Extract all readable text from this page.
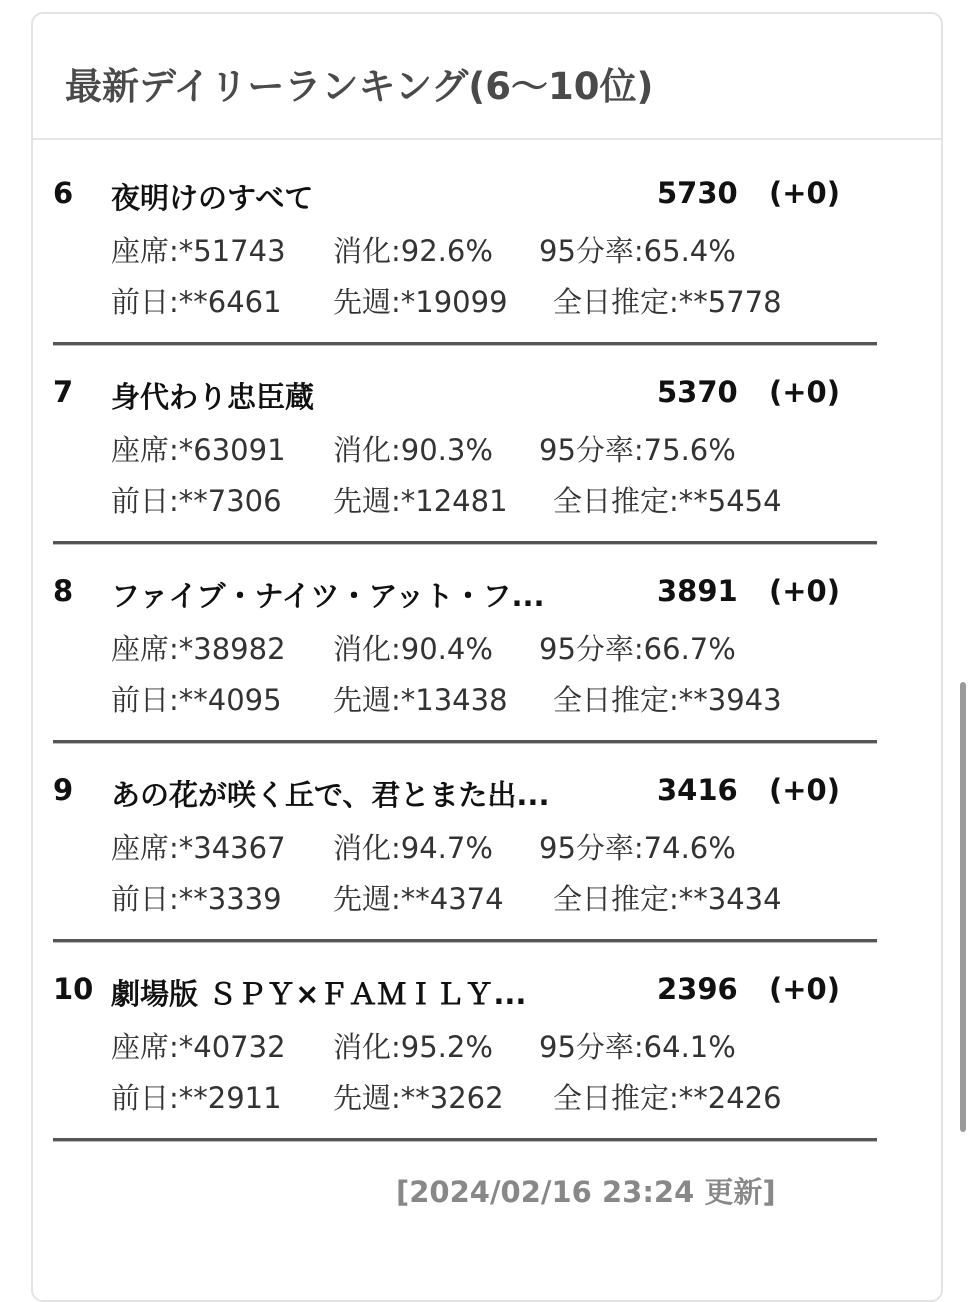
最新デイリーランキング(6〜10位)
6 夜明けのすべて	5730 (+0)
座席:*51743 消化:92.6% 95分率:65.4%
前日:**6461 先週:*19099 全日推定:**5778
7 身代わり忠臣蔵	5370 (+0)
座席:*63091 消化:90.3% 95分率:75.6%
前日:**7306 先週:*12481 全日推定:**5454
8 ファイブ・ナイツ・アット・フ...	3891 (+0)
座席:*38982 消化:90.4% 95分率:66.7%
前日:**4095 先週:*13438 全日推定:**3943
9 あの花が咲く丘で、君とまた出...	3416 (+0)
座席:*34367 消化:94.7% 95分率:74.6%
前日:**3339 先週:**4374 全日推定:**3434
10 劇場版 ＳＰＹ×ＦＡＭＩＬＹ...	2396 (+0)
座席:*40732 消化:95.2% 95分率:64.1%
前日:**2911 先週:**3262 全日推定:**2426
[2024/02/16 23:24 更新]
